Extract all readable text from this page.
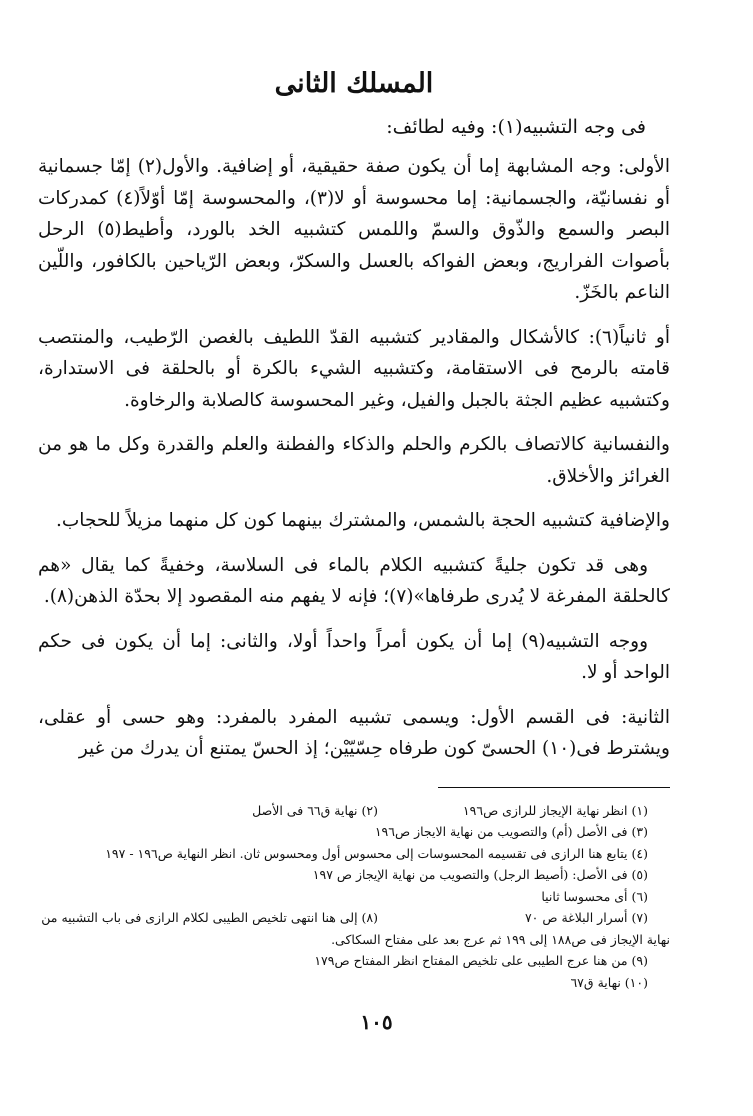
المسلك الثانى
فى وجه التشبيه(١): وفيه لطائف:

الأولى: وجه المشابهة إما أن يكون صفة حقيقية، أو إضافية. والأول(٢) إمّا جسمانية أو نفسانيّة، والجسمانية: إما محسوسة أو لا(٣)، والمحسوسة إمّا أوّلاً(٤) كمدركات البصر والسمع والذّوق والسمّ واللمس كتشبيه الخد بالورد، وأطيط(٥) الرحل بأصوات الفراريج، وبعض الفواكه بالعسل والسكرّ، وبعض الرّياحين بالكافور، واللّين الناعم بالخَزّ.

أو ثانياً(٦): كالأشكال والمقادير كتشبيه القدّ اللطيف بالغصن الرّطيب، والمنتصب قامته بالرمح فى الاستقامة، وكتشبيه الشيء بالكرة أو بالحلقة فى الاستدارة، وكتشبيه عظيم الجثة بالجبل والفيل، وغير المحسوسة كالصلابة والرخاوة.

والنفسانية كالاتصاف بالكرم والحلم والذكاء والفطنة والعلم والقدرة وكل ما هو من الغرائز والأخلاق.

والإضافية كتشبيه الحجة بالشمس، والمشترك بينهما كون كل منهما مزيلاً للحجاب.

وهى قد تكون جليةً كتشبيه الكلام بالماء فى السلاسة، وخفيةً كما يقال «هم كالحلقة المفرغة لا يُدرى طرفاها»(٧)؛ فإنه لا يفهم منه المقصود إلا بحدّة الذهن(٨).

ووجه التشبيه(٩) إما أن يكون أمراً واحداً أولا، والثانى: إما أن يكون فى حكم الواحد أو لا.

الثانية: فى القسم الأول: ويسمى تشبيه المفرد بالمفرد: وهو حسى أو عقلى، ويشترط فى(١٠) الحسىّ كون طرفاه حِسّيّيْن؛ إذ الحسّ يمتنع أن يدرك من غير

(١) انظر نهاية الإيجاز للرازى ص١٩٦
(٢) نهاية ق٦٦ فى الأصل
(٣) فى الأصل (أم) والتصويب من نهاية الايجاز ص١٩٦
(٤) يتابع هنا الرازى فى تقسيمه المحسوسات إلى محسوس أول ومحسوس ثان. انظر النهاية ص١٩٦ - ١٩٧
(٥) فى الأصل: (أصيط الرجل) والتصويب من نهاية الإيجاز ص ١٩٧
(٦) أى محسوسا ثانيا
(٧) أسرار البلاغة ص ٧٠
(٨) إلى هنا انتهى تلخيص الطيبى لكلام الرازى فى باب التشبيه من
نهاية الإيجاز فى ص١٨٨ إلى ١٩٩ ثم عرج بعد على مفتاح السكاكى.
(٩) من هنا عرج الطيبى على تلخيص المفتاح انظر المفتاح ص١٧٩
(١٠) نهاية ق٦٧
١٠٥
